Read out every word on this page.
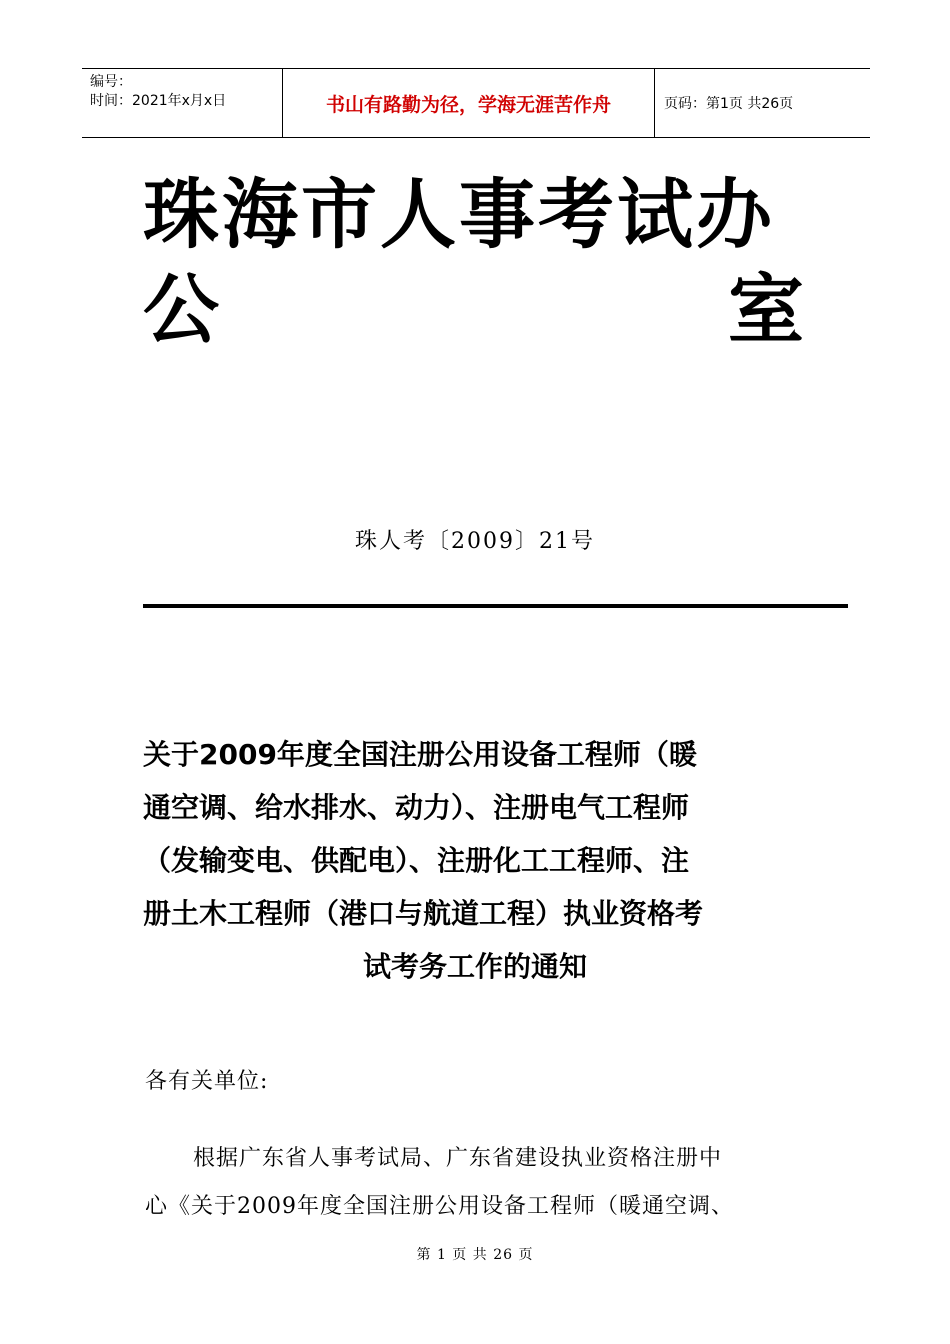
编号：
时间：2021年x月x日	书山有路勤为径，学海无涯苦作舟	页码：第1页 共26页
珠海市人事考试办
公	室
珠人考〔2009〕21号
关于2009年度全国注册公用设备工程师（暖
通空调、给水排水、动力）、注册电气工程师
（发输变电、供配电）、注册化工工程师、注
册土木工程师（港口与航道工程）执业资格考
试考务工作的通知
各有关单位:
根据广东省人事考试局、广东省建设执业资格注册中
心《关于2009年度全国注册公用设备工程师（暖通空调、
第 1 页 共 26 页
